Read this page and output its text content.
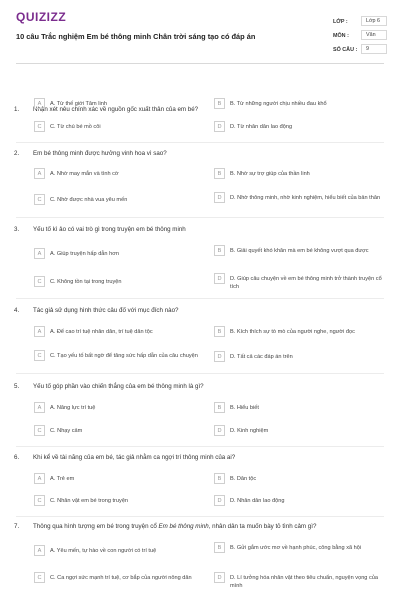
QUIZIZZ
10 câu Trắc nghiệm Em bé thông minh Chân trời sáng tạo có đáp án
LỚP :	Lớp 6
MÔN :	Văn
SỐ CÂU :	9
1. Nhận xét nêu chính xác về nguồn gốc xuất thân của em bé?
A	A. Từ thế giới Tâm linh	B	B. Từ những người chịu nhiều đau khổ
C	C. Từ chú bé mồ côi	D	D. Từ nhân dân lao động
2. Em bé thông minh được hưởng vinh hoa vì sao?
A	A. Nhờ may mắn và tình cờ	B	B. Nhờ sự trợ giúp của thần linh
C	C. Nhờ được nhà vua yêu mến	D	D. Nhờ thông minh, nhờ kinh nghiệm, hiểu biết của bản thân
3. Yếu tố kì ảo có vai trò gì trong truyện em bé thông minh
A	A. Giúp truyện hấp dẫn hơn	B	B. Giải quyết khó khăn mà em bé không vượt qua được
C	C. Không tồn tại trong truyện	D	D. Giúp câu chuyện về em bé thông minh trở thành truyện cổ tích
4. Tác giả sử dụng hình thức câu đố với mục đích nào?
A	A. Để cao trí tuệ nhân dân, trí tuệ dân tộc	B	B. Kích thích sự tò mò của người nghe, người đọc
C	C. Tạo yếu tố bất ngờ để tăng sức hấp dẫn của câu chuyện	D	D. Tất cả các đáp án trên
5. Yếu tố góp phần vào chiến thắng của em bé thông minh là gì?
A	A. Năng lực trí tuệ	B	B. Hiểu biết
C	C. Nhạy cảm	D	D. Kinh nghiệm
6. Khi kể về tài năng của em bé, tác giả nhằm ca ngợi trí thông minh của ai?
A	A. Trẻ em	B	B. Dân tộc
C	C. Nhân vật em bé trong truyện	D	D. Nhân dân lao động
7. Thông qua hình tượng em bé trong truyện cổ Em bé thông minh, nhân dân ta muốn bày tỏ tình cảm gì?
A	A. Yêu mến, tự hào về con người có trí tuệ	B	B. Gửi gắm ước mơ về hạnh phúc, công bằng xã hội
C	C. Ca ngợi sức mạnh trí tuệ, cơ bắp của người nông dân	D	D. Lí tưởng hóa nhân vật theo tiêu chuẩn, nguyện vọng của mình
